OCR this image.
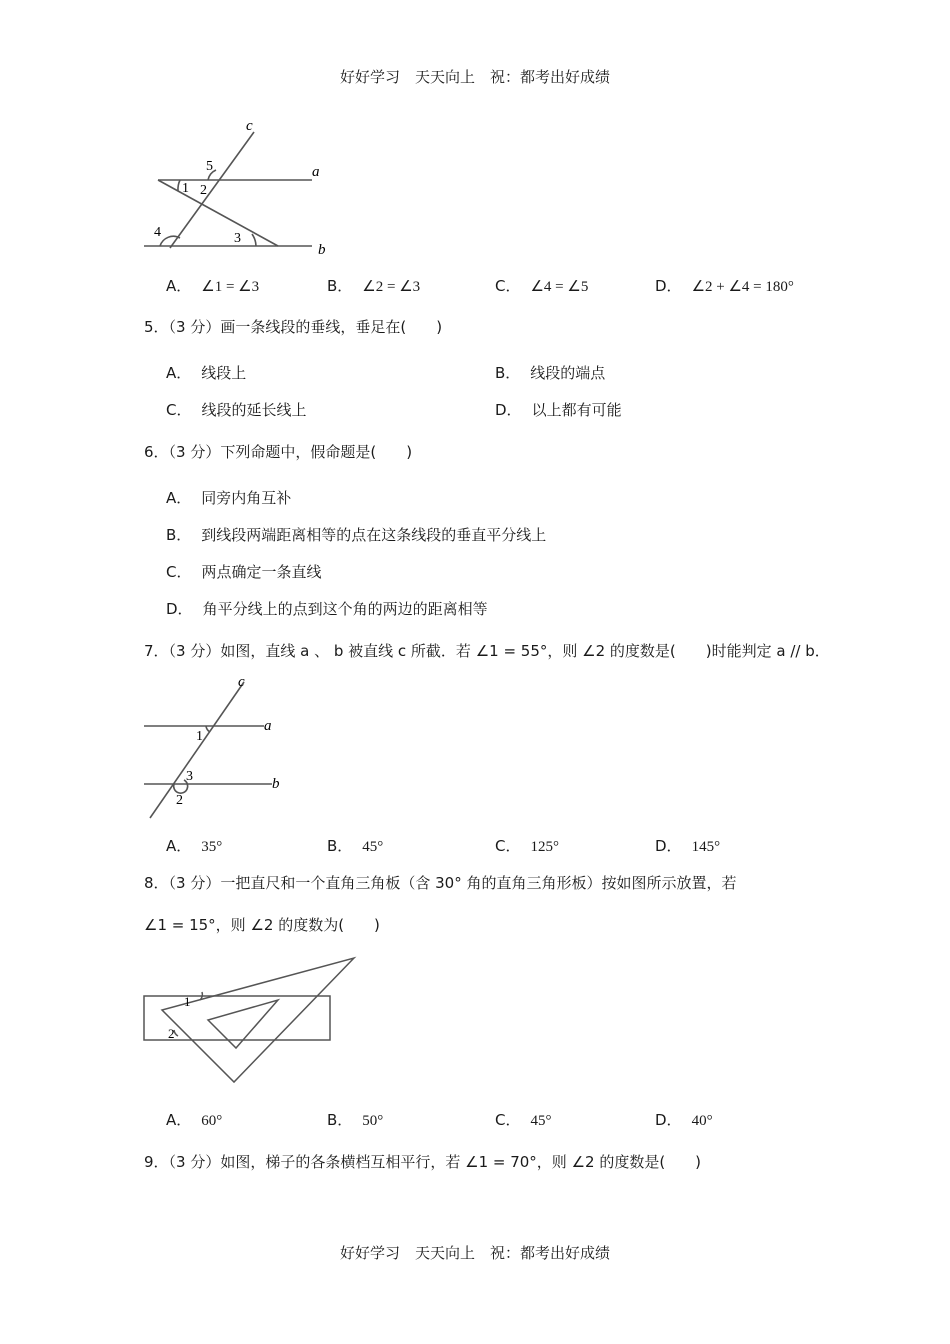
好好学习　天天向上　祝：都考出好成绩
c
a
b
1 2
3
4
5
A． ∠1 = ∠3	B． ∠2 = ∠3	C． ∠4 = ∠5	D． ∠2 + ∠4 = 180°
5．（3 分）画一条线段的垂线，垂足在(　　)
A． 线段上	B． 线段的端点
C． 线段的延长线上	D． 以上都有可能
6．（3 分）下列命题中，假命题是(　　)
A． 同旁内角互补
B． 到线段两端距离相等的点在这条线段的垂直平分线上
C． 两点确定一条直线
D． 角平分线上的点到这个角的两边的距离相等
7．（3 分）如图，直线 a 、 b 被直线 c 所截．若 ∠1 = 55°，则 ∠2 的度数是(　　)时能判定 a // b．
c
a
b
1
2
3
A． 35°	B． 45°	C． 125°	D． 145°
8．（3 分）一把直尺和一个直角三角板（含 30° 角的直角三角形板）按如图所示放置，若
∠1 = 15°，则 ∠2 的度数为(　　)
1
2
A． 60°	B． 50°	C． 45°	D． 40°
9．（3 分）如图，梯子的各条横档互相平行，若 ∠1 = 70°，则 ∠2 的度数是(　　)
好好学习　天天向上　祝：都考出好成绩
